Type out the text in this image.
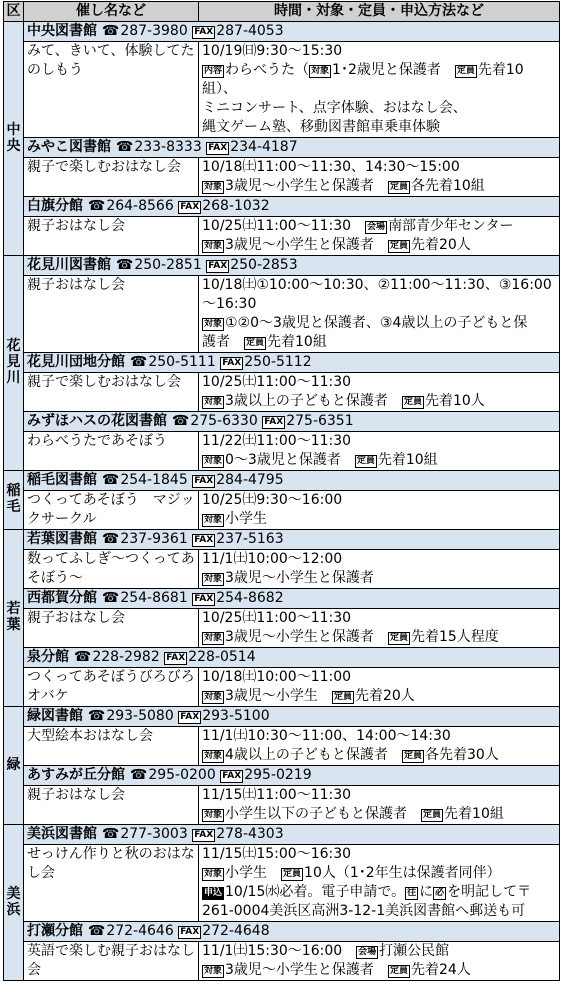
区	催し名など	時間・対象・定員・申込方法など
中央	中央図書館 ☎287-3980 FAX 287-4053	
	みて、きいて、体験してたのしもう	10/19㈰9:30～15:30
内容 わらべうた（ 対象 1･2歳児と保護者　定員 先着10組）、
ミニコンサート、点字体験、おはなし会、
縄文ゲーム塾、移動図書館車乗車体験

	みやこ図書館 ☎233-8333 FAX 234-4187	
	親子で楽しむおはなし会	10/18㈯11:00～11:30、14:30～15:00
対象 3歳児～小学生と保護者　定員 各先着10組

	白旗分館 ☎264-8566 FAX 268-1032	
	親子おはなし会	10/25㈯11:00～11:30　会場 南部青少年センター
対象 3歳児～小学生と保護者　定員 先着20人

花見川	花見川図書館 ☎250-2851 FAX 250-2853	
	親子おはなし会	10/18㈯①10:00～10:30、②11:00～11:30、③16:00
～16:30
対象 ①②0～3歳児と保護者、③4歳以上の子どもと保
護者　定員 先着10組

	花見川団地分館 ☎250-5111 FAX 250-5112	
	親子で楽しむおはなし会	10/25㈯11:00～11:30
対象 3歳以上の子どもと保護者　定員 先着10人

	みずほハスの花図書館 ☎275-6330 FAX 275-6351	
	わらべうたであそぼう	11/22㈯11:00～11:30
対象 0～3歳児と保護者　定員 先着10組

稲毛	稲毛図書館 ☎254-1845 FAX 284-4795	
	つくってあそぼう　マジックサークル	10/25㈯9:30～16:00
対象 小学生

若葉	若葉図書館 ☎237-9361 FAX 237-5163	
	数ってふしぎ～つくってあそぼう～	11/1㈯10:00～12:00
対象 3歳児～小学生と保護者

	西都賀分館 ☎254-8681 FAX 254-8682	
	親子おはなし会	10/25㈯11:00～11:30
対象 3歳児～小学生と保護者　定員 先着15人程度

	泉分館 ☎228-2982 FAX 228-0514	
	つくってあそぼうびろびろオバケ	10/18㈯10:00～11:00
対象 3歳児～小学生　定員 先着20人

緑	緑図書館 ☎293-5080 FAX 293-5100	
	大型絵本おはなし会	11/1㈯10:30～11:00、14:00～14:30
対象 4歳以上の子どもと保護者　定員 各先着30人

	あすみが丘分館 ☎295-0200 FAX 295-0219	
	親子おはなし会	11/15㈯11:00～11:30
対象 小学生以下の子どもと保護者　定員 先着10組

美浜	美浜図書館 ☎277-3003 FAX 278-4303	
	せっけん作りと秋のおはなし会	11/15㈯15:00～16:30
対象 小学生　定員 10人（1･2年生は保護者同伴）
申込 10/15㈬必着。電子申請で。 往 に 必 を明記して〒
261-0004美浜区高洲3-12-1美浜図書館へ郵送も可

	打瀬分館 ☎272-4646 FAX 272-4648	
	英語で楽しむ親子おはなし会	11/1㈯15:30～16:00　会場 打瀬公民館
対象 3歳児～小学生と保護者　定員 先着24人
